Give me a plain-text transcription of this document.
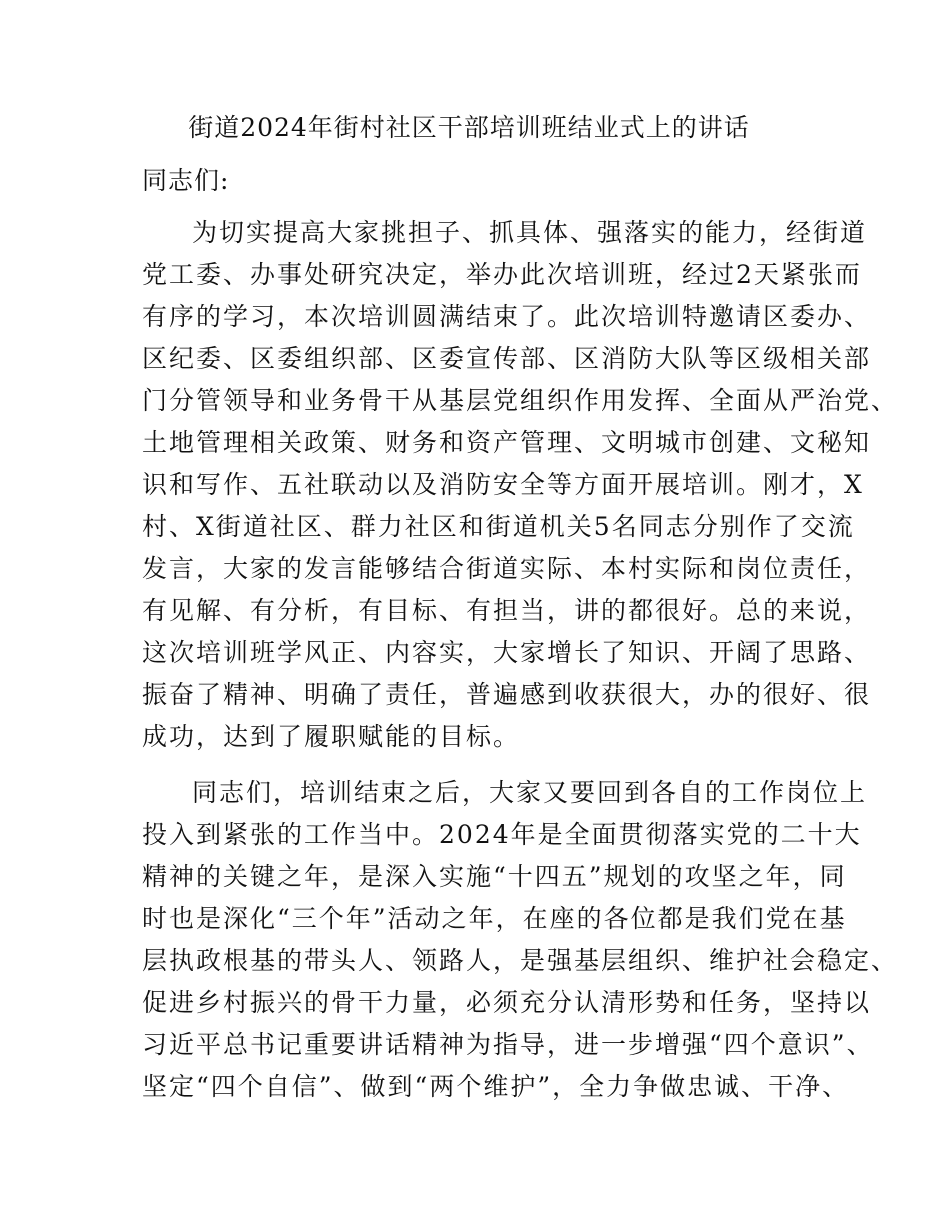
街道2024年街村社区干部培训班结业式上的讲话
同志们:
为切实提高大家挑担子、抓具体、强落实的能力，经街道
党工委、办事处研究决定，举办此次培训班，经过2天紧张而
有序的学习，本次培训圆满结束了。此次培训特邀请区委办、
区纪委、区委组织部、区委宣传部、区消防大队等区级相关部
门分管领导和业务骨干从基层党组织作用发挥、全面从严治党、
土地管理相关政策、财务和资产管理、文明城市创建、文秘知
识和写作、五社联动以及消防安全等方面开展培训。刚才，X
村、X街道社区、群力社区和街道机关5名同志分别作了交流
发言，大家的发言能够结合街道实际、本村实际和岗位责任，
有见解、有分析，有目标、有担当，讲的都很好。总的来说，
这次培训班学风正、内容实，大家增长了知识、开阔了思路、
振奋了精神、明确了责任，普遍感到收获很大，办的很好、很
成功，达到了履职赋能的目标。
同志们，培训结束之后，大家又要回到各自的工作岗位上
投入到紧张的工作当中。2024年是全面贯彻落实党的二十大
精神的关键之年，是深入实施“十四五”规划的攻坚之年，同
时也是深化“三个年”活动之年，在座的各位都是我们党在基
层执政根基的带头人、领路人，是强基层组织、维护社会稳定、
促进乡村振兴的骨干力量，必须充分认清形势和任务，坚持以
习近平总书记重要讲话精神为指导，进一步增强“四个意识”、
坚定“四个自信”、做到“两个维护”，全力争做忠诚、干净、
